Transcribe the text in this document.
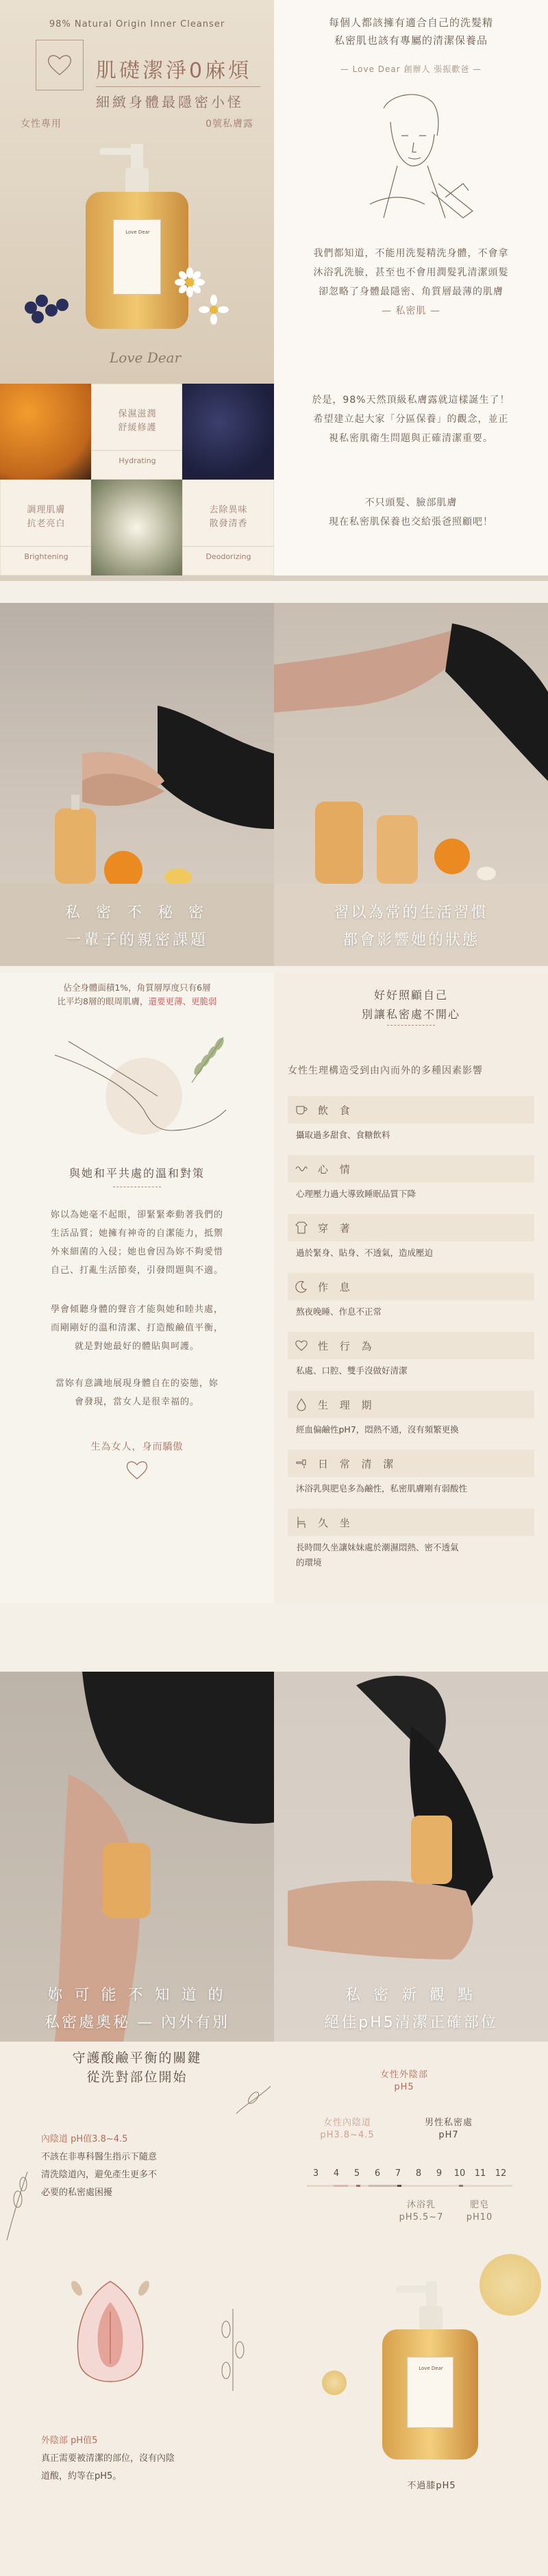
98% Natural Origin Inner Cleanser
肌礎潔淨0麻煩
細緻身體最隱密小怪
女性專用	0號私膚露
Love Dear
Love Dear
保濕滋潤
舒緩修護
Hydrating
調理肌膚
抗老亮白
Brightening
去除異味
散發清香
Deodorizing
每個人都該擁有適合自己的洗髮精
私密肌也該有專屬的清潔保養品
— Love Dear 創辦人 張振歡爸 —
我們都知道，不能用洗髮精洗身體，不會拿
沐浴乳洗臉，甚至也不會用潤髮乳清潔頭髮
卻忽略了身體最隱密、角質層最薄的肌膚
— 私密肌 —
於是，98%天然頂級私膚露就這樣誕生了！
希望建立起大家「分區保養」的觀念，並正
視私密肌衛生問題與正確清潔重要。
不只頭髮、臉部肌膚
現在私密肌保養也交給張爸照顧吧！
私 密 不 秘 密
一輩子的親密課題
習以為常的生活習慣
都會影響她的狀態
佔全身體面積1%，角質層厚度只有6層
比平均8層的眼周肌膚，還要更薄、更脆弱
與她和平共處的溫和對策
妳以為她毫不起眼，卻緊緊牽動著我們的
生活品質；她擁有神奇的自潔能力，抵禦
外來細菌的入侵；她也會因為妳不夠愛惜
自己、打亂生活節奏，引發問題與不適。
學會傾聽身體的聲音才能與她和睦共處，
而剛剛好的溫和清潔、打造酸鹼值平衡，
就是對她最好的體貼與呵護。
當妳有意識地展現身體自在的姿態，妳
會發現，當女人是很幸福的。
生為女人，身而驕傲
好好照顧自己
別讓私密處不開心
女性生理構造受到由內而外的多種因素影響
飲 食
攝取過多甜食、食糖飲料
心 情
心理壓力過大導致睡眠品質下降
穿 著
過於緊身、貼身、不透氣，造成壓迫
作 息
熬夜晚睡、作息不正常
性 行 為
私處、口腔、雙手沒做好清潔
生 理 期
經血偏鹼性pH7，悶熱不通，沒有頻繁更換
日 常 清 潔
沐浴乳與肥皂多為鹼性，私密肌膚剛有弱酸性
久 坐
長時間久坐讓妹妹處於潮濕悶熱、密不透氣
的環境
妳 可 能 不 知 道 的
私密處奧秘 — 內外有別
私 密 新 觀 點
絕佳pH5清潔正確部位
守護酸鹼平衡的關鍵
從洗對部位開始
內陰道 pH值3.8~4.5
不該在非專科醫生指示下隨意
清洗陰道內，避免產生更多不
必要的私密處困擾
外陰部 pH值5
真正需要被清潔的部位，沒有內陰
道酸，約等在pH5。
女性外陰部
pH5
女性內陰道
pH3.8~4.5
男性私密處
pH7
3	4	5	6	7	8	9	10	11	12
沐浴乳
pH5.5~7
肥皂
pH10
Love Dear
不過膝pH5
